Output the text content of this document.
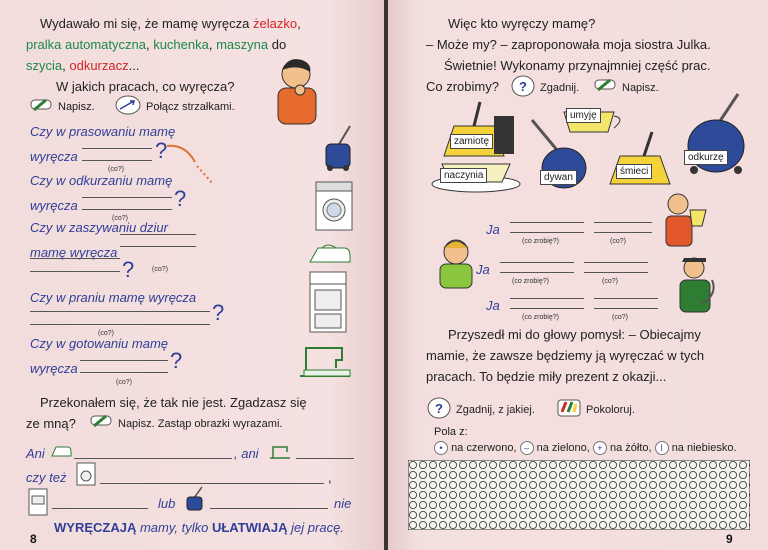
Wydawało mi się, że mamę wyręcza żelazko,
pralka automatyczna, kuchenka, maszyna do
szycia, odkurzacz...
W jakich pracach, co wyręcza?
Napisz.	Połącz strzałkami.
Czy w prasowaniu mamę
wyręcza
(co?)
?
Czy w odkurzaniu mamę
wyręcza
(co?)
?
Czy w zaszywaniu dziur
mamę wyręcza
?	(co?)
Czy w praniu mamę wyręcza
?
(co?)
Czy w gotowaniu mamę
wyręcza	?
(co?)
Przekonałem się, że tak nie jest. Zgadzasz się
ze mną?	Napisz. Zastąp obrazki wyrazami.
Ani	, ani
czy też	,
lub	nie
WYRĘCZAJĄ mamy, tylko UŁATWIAJĄ jej pracę.
8
Więc kto wyręczy mamę?
– Może my? – zaproponowała moja siostra Julka.
Świetnie! Wykonamy przynajmniej część prac.
Co zrobimy? ? Zgadnij.	Napisz.
zamiotę
umyję
odkurzę
naczynia	dywan
śmieci
Ja
(co zrobię?)	(co?)
Ja
(co zrobię?)	(co?)
Ja
(co zrobię?)	(co?)
Przyszedł mi do głowy pomysł: – Obiecajmy
mamie, że zawsze będziemy ją wyręczać w tych
pracach. To będzie miły prezent z okazji...
? Zgadnij, z jakiej.	Pokoloruj.
Pola z:
• na czerwono, – na zielono, + na żółto, l na niebiesko.
9
